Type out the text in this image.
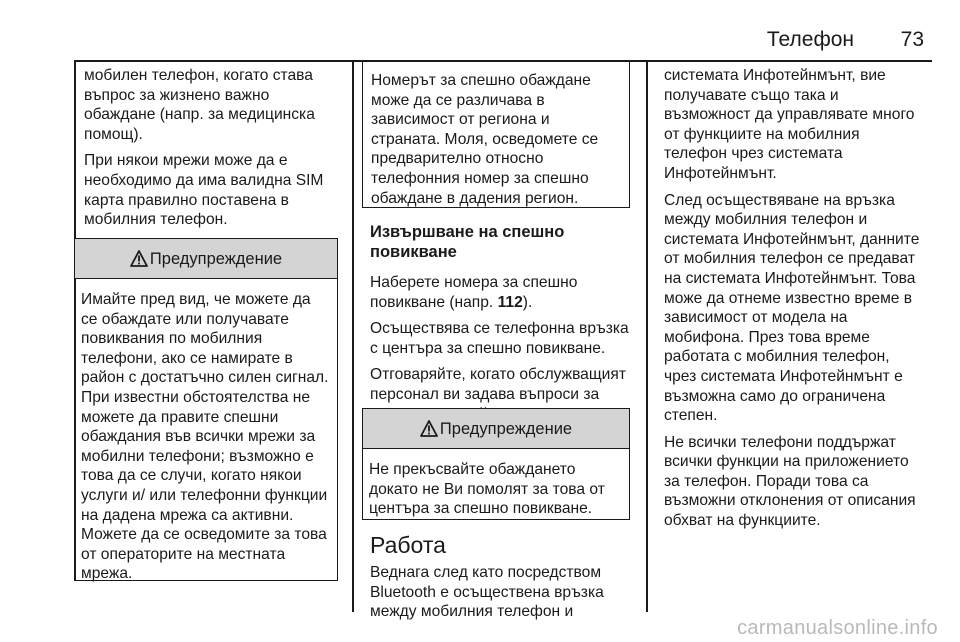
Телефон 73

мобилен телефон, когато става въпрос за жизнено важно обаждане (напр. за медицинска помощ).

При някои мрежи може да е необходимо да има валидна SIM карта правилно поставена в мобилния телефон.

Предупреждение
Имайте пред вид, че можете да се обаждате или получавате повиквания по мобилния телефони, ако се намирате в район с достатъчно силен сигнал. При известни обстоятелства не можете да правите спешни обаждания във всички мрежи за мобилни телефони; възможно е това да се случи, когато някои услуги и/ или телефонни функции на дадена мрежа са активни. Можете да се осведомите за това от операторите на местната мрежа.
Номерът за спешно обаждане може да се различава в зависимост от региона и страната. Моля, осведомете се предварително относно телефонния номер за спешно обаждане в дадения регион.
Извършване на спешно повикване

Наберете номера за спешно повикване (напр. 112).

Осъществява се телефонна връзка с центъра за спешно повикване.

Отговаряйте, когато обслужващият персонал ви задава въпроси за

Предупреждение
Не прекъсвайте обаждането докато не Ви помолят за това от центъра за спешно повикване.
Работа

Веднага след като посредством Bluetooth е осъществена връзка между мобилния телефон и

системата Инфотейнмънт, вие получавате също така и възможност да управлявате много от функциите на мобилния телефон чрез системата Инфотейнмънт.

След осъществяване на връзка между мобилния телефон и системата Инфотейнмънт, данните от мобилния телефон се предават на системата Инфотейнмънт. Това може да отнеме известно време в зависимост от модела на мобифона. През това време работата с мобилния телефон, чрез системата Инфотейнмънт е възможна само до ограничена степен.

Не всички телефони поддържат всички функции на приложението за телефон. Поради това са възможни отклонения от описания обхват на функциите.

carmanualsonline.info
